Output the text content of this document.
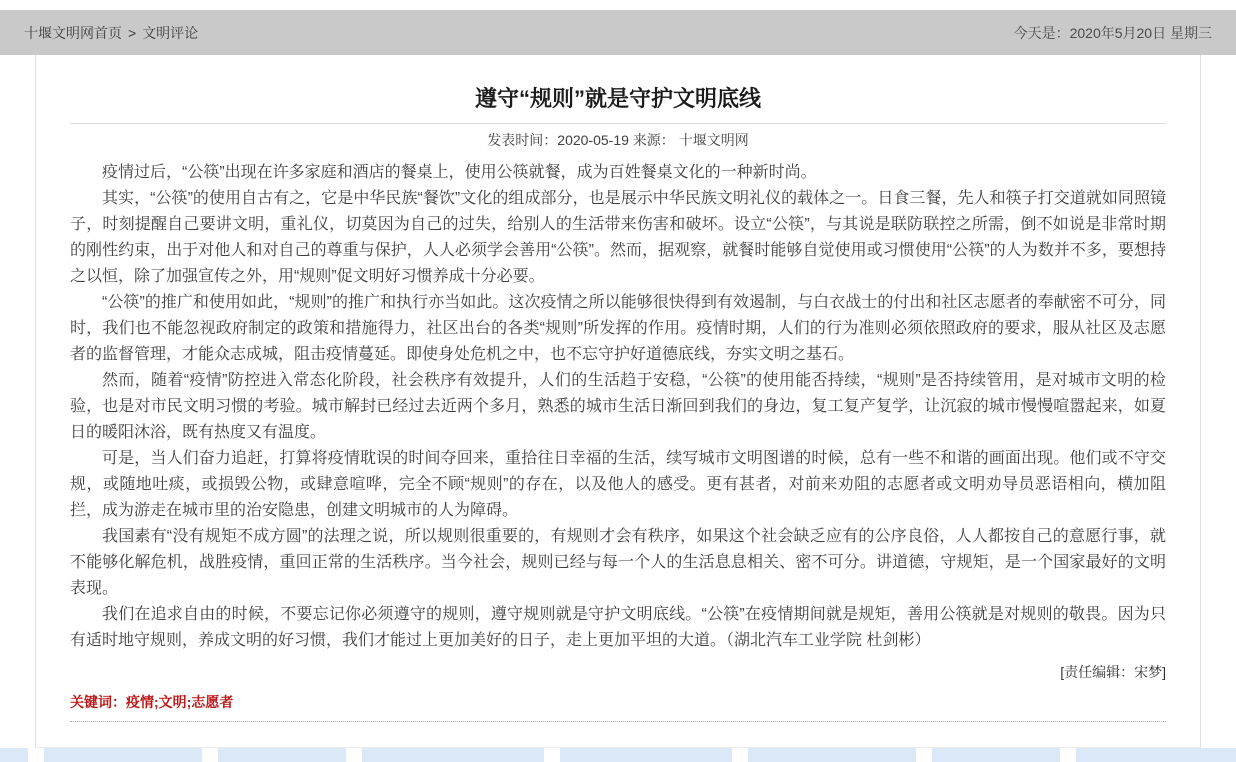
十堰文明网首页 > 文明评论	今天是：2020年5月20日 星期三
遵守“规则”就是守护文明底线
发表时间：2020-05-19 来源： 十堰文明网

疫情过后，“公筷”出现在许多家庭和酒店的餐桌上，使用公筷就餐，成为百姓餐桌文化的一种新时尚。

其实，“公筷”的使用自古有之，它是中华民族“餐饮”文化的组成部分，也是展示中华民族文明礼仪的载体之一。日食三餐，先人和筷子打交道就如同照镜子，时刻提醒自己要讲文明，重礼仪，切莫因为自己的过失，给别人的生活带来伤害和破坏。设立“公筷”，与其说是联防联控之所需，倒不如说是非常时期的刚性约束，出于对他人和对自己的尊重与保护，人人必须学会善用“公筷”。然而，据观察，就餐时能够自觉使用或习惯使用“公筷”的人为数并不多，要想持之以恒，除了加强宣传之外，用“规则”促文明好习惯养成十分必要。

“公筷”的推广和使用如此，“规则”的推广和执行亦当如此。这次疫情之所以能够很快得到有效遏制，与白衣战士的付出和社区志愿者的奉献密不可分，同时，我们也不能忽视政府制定的政策和措施得力，社区出台的各类“规则”所发挥的作用。疫情时期，人们的行为准则必须依照政府的要求，服从社区及志愿者的监督管理，才能众志成城，阻击疫情蔓延。即使身处危机之中，也不忘守护好道德底线，夯实文明之基石。

然而，随着“疫情”防控进入常态化阶段，社会秩序有效提升，人们的生活趋于安稳，“公筷”的使用能否持续，“规则”是否持续管用，是对城市文明的检验，也是对市民文明习惯的考验。城市解封已经过去近两个多月，熟悉的城市生活日渐回到我们的身边，复工复产复学，让沉寂的城市慢慢喧嚣起来，如夏日的暖阳沐浴，既有热度又有温度。

可是，当人们奋力追赶，打算将疫情耽误的时间夺回来，重拾往日幸福的生活，续写城市文明图谱的时候，总有一些不和谐的画面出现。他们或不守交规，或随地吐痰，或损毁公物，或肆意喧哗，完全不顾“规则”的存在，以及他人的感受。更有甚者，对前来劝阻的志愿者或文明劝导员恶语相向，横加阻拦，成为游走在城市里的治安隐患，创建文明城市的人为障碍。

我国素有“没有规矩不成方圆”的法理之说，所以规则很重要的，有规则才会有秩序，如果这个社会缺乏应有的公序良俗，人人都按自己的意愿行事，就不能够化解危机，战胜疫情，重回正常的生活秩序。当今社会，规则已经与每一个人的生活息息相关、密不可分。讲道德，守规矩，是一个国家最好的文明表现。

我们在追求自由的时候，不要忘记你必须遵守的规则，遵守规则就是守护文明底线。“公筷”在疫情期间就是规矩，善用公筷就是对规则的敬畏。因为只有适时地守规则，养成文明的好习惯，我们才能过上更加美好的日子，走上更加平坦的大道。（湖北汽车工业学院 杜剑彬）

[责任编辑：宋梦]
关键词：疫情;文明;志愿者
